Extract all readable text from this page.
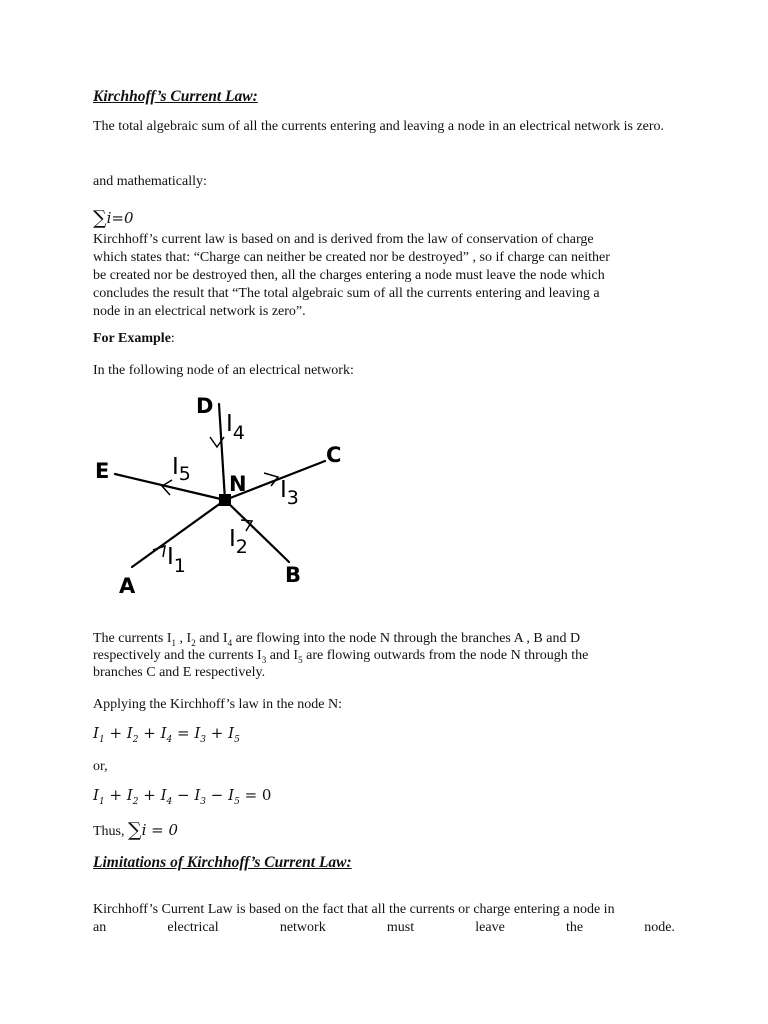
Kirchhoff’s Current Law:
The total algebraic sum of all the currents entering and leaving a node in an electrical network is zero.
and mathematically:
∑i=0
Kirchhoff’s current law is based on and is derived from the law of conservation of charge
which states that: “Charge can neither be created nor be destroyed” , so if charge can neither
be created nor be destroyed then, all the charges entering a node must leave the node which
concludes the result that “The total algebraic sum of all the currents entering and leaving a
node in an electrical network is zero”.
For Example:
In the following node of an electrical network:
D
C
E
A	B
N
$I_4$
$I_5$
$I_3$
$I_2$
$I_1$
The currents $I_1$ , $I_2$ and $I_4$ are flowing into the node N through the branches A , B and D
respectively and the currents $I_3$ and $I_5$ are flowing outwards from the node N through the
branches C and E respectively.
Applying the Kirchhoff’s law in the node N:
$I_1 + I_2 + I_4 = I_3 + I_5$
or,
$I_1 + I_2 + I_4 - I_3 - I_5 = 0$
Thus, ∑i = 0
Limitations of Kirchhoff’s Current Law:
Kirchhoff’s Current Law is based on the fact that all the currents or charge entering a node in
an	electrical	network	must	leave	the	node.
